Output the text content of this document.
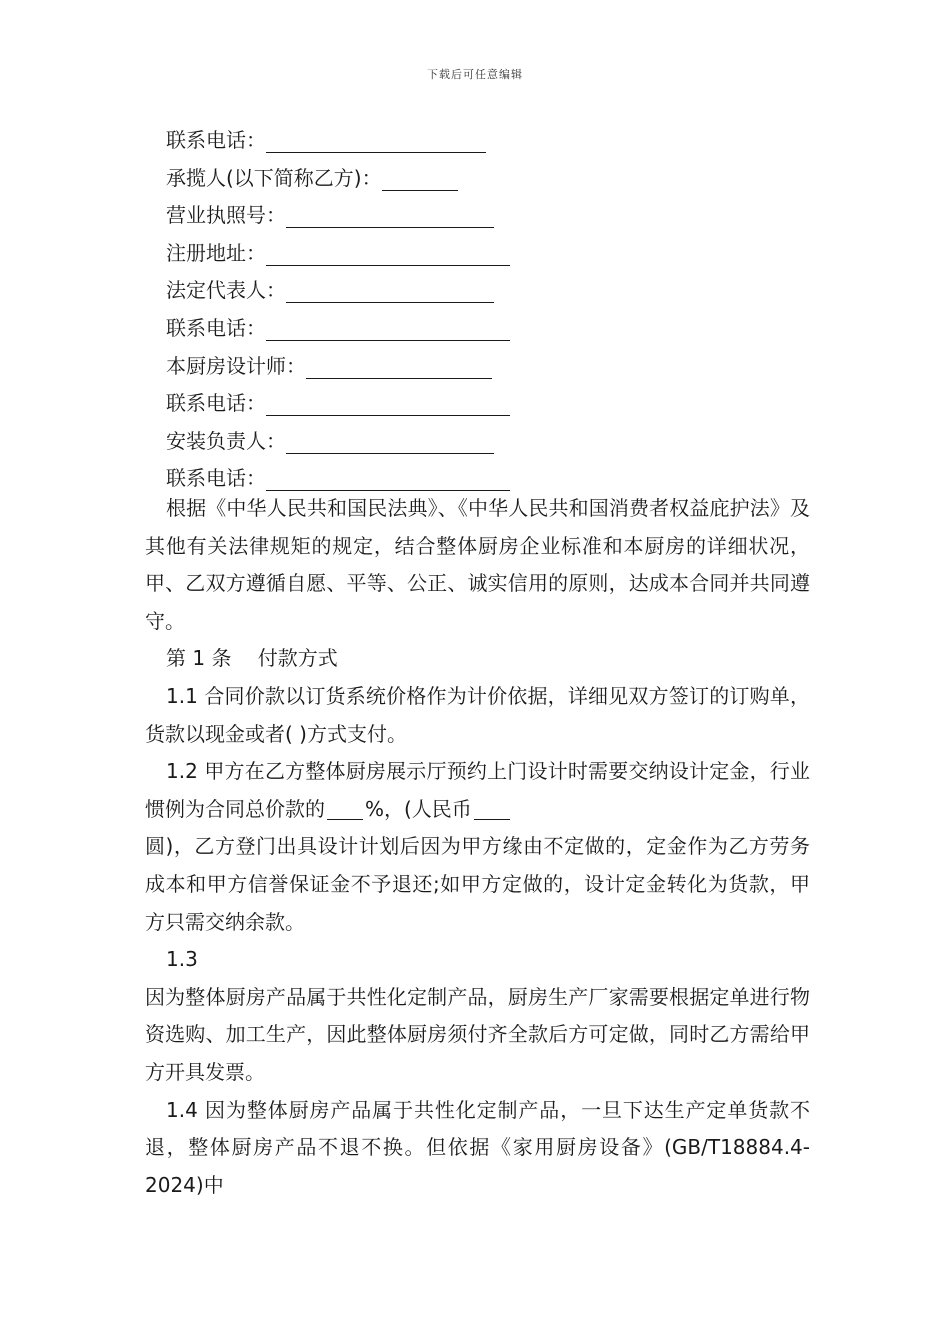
下载后可任意编辑
联系电话：
承揽人(以下简称乙方)：
营业执照号：
注册地址：
法定代表人：
联系电话：
本厨房设计师：
联系电话：
安装负责人：
联系电话：

根据《中华人民共和国民法典》、《中华人民共和国消费者权益庇护法》及其他有关法律规矩的规定，结合整体厨房企业标准和本厨房的详细状况，甲、乙双方遵循自愿、平等、公正、诚实信用的原则，达成本合同并共同遵守。

第 1 条　 付款方式

1.1 合同价款以订货系统价格作为计价依据，详细见双方签订的订购单，货款以现金或者( )方式支付。

1.2 甲方在乙方整体厨房展示厅预约上门设计时需要交纳设计定金，行业惯例为合同总价款的 %，(人民币

圆)，乙方登门出具设计计划后因为甲方缘由不定做的，定金作为乙方劳务成本和甲方信誉保证金不予退还;如甲方定做的，设计定金转化为货款，甲方只需交纳余款。

1.3

因为整体厨房产品属于共性化定制产品，厨房生产厂家需要根据定单进行物资选购、加工生产，因此整体厨房须付齐全款后方可定做，同时乙方需给甲方开具发票。

1.4 因为整体厨房产品属于共性化定制产品，一旦下达生产定单货款不退，整体厨房产品不退不换。但依据《家用厨房设备》(GB/T18884.4-2024)中
